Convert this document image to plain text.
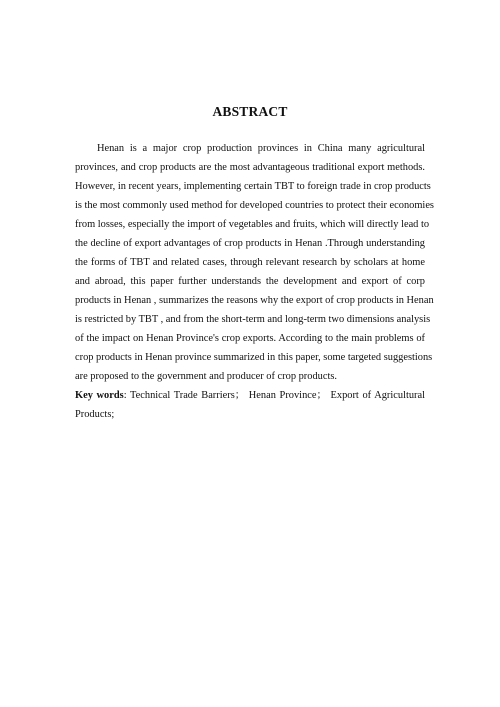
ABSTRACT
Henan is a major crop production provinces in China many agricultural
provinces, and crop products are the most advantageous traditional export methods.
However, in recent years, implementing certain TBT to foreign trade in crop products
is the most commonly used method for developed countries to protect their economies
from losses, especially the import of vegetables and fruits, which will directly lead to
the decline of export advantages of crop products in Henan .Through understanding
the forms of TBT and related cases, through relevant research by scholars at home
and abroad, this paper further understands the development and export of corp
products in Henan , summarizes the reasons why the export of crop products in Henan
is restricted by TBT , and from the short-term and long-term two dimensions analysis
of the impact on Henan Province's crop exports. According to the main problems of
crop products in Henan province summarized in this paper, some targeted suggestions
are proposed to the government and producer of crop products.
Key words: Technical Trade Barriers； Henan Province； Export of Agricultural
Products;
